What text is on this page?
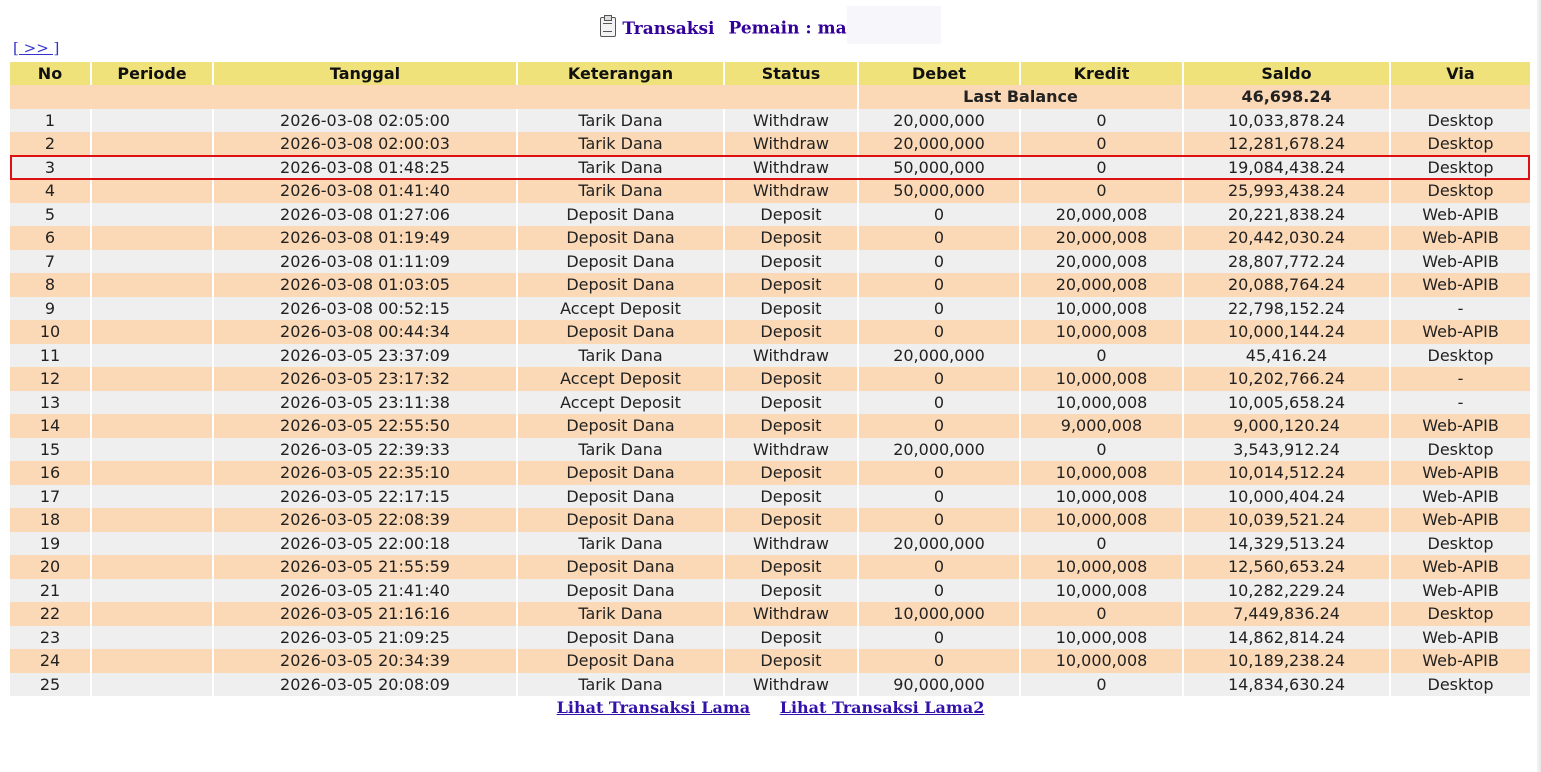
Transaksi Pemain : ma
[ >> ]
No	Periode	Tanggal	Keterangan	Status	Debet	Kredit	Saldo	Via
					Last Balance		46,698.24	
1		2026-03-08 02:05:00	Tarik Dana	Withdraw	20,000,000	0	10,033,878.24	Desktop
2		2026-03-08 02:00:03	Tarik Dana	Withdraw	20,000,000	0	12,281,678.24	Desktop
3		2026-03-08 01:48:25	Tarik Dana	Withdraw	50,000,000	0	19,084,438.24	Desktop
4		2026-03-08 01:41:40	Tarik Dana	Withdraw	50,000,000	0	25,993,438.24	Desktop
5		2026-03-08 01:27:06	Deposit Dana	Deposit	0	20,000,008	20,221,838.24	Web-APIB
6		2026-03-08 01:19:49	Deposit Dana	Deposit	0	20,000,008	20,442,030.24	Web-APIB
7		2026-03-08 01:11:09	Deposit Dana	Deposit	0	20,000,008	28,807,772.24	Web-APIB
8		2026-03-08 01:03:05	Deposit Dana	Deposit	0	20,000,008	20,088,764.24	Web-APIB
9		2026-03-08 00:52:15	Accept Deposit	Deposit	0	10,000,008	22,798,152.24	-
10		2026-03-08 00:44:34	Deposit Dana	Deposit	0	10,000,008	10,000,144.24	Web-APIB
11		2026-03-05 23:37:09	Tarik Dana	Withdraw	20,000,000	0	45,416.24	Desktop
12		2026-03-05 23:17:32	Accept Deposit	Deposit	0	10,000,008	10,202,766.24	-
13		2026-03-05 23:11:38	Accept Deposit	Deposit	0	10,000,008	10,005,658.24	-
14		2026-03-05 22:55:50	Deposit Dana	Deposit	0	9,000,008	9,000,120.24	Web-APIB
15		2026-03-05 22:39:33	Tarik Dana	Withdraw	20,000,000	0	3,543,912.24	Desktop
16		2026-03-05 22:35:10	Deposit Dana	Deposit	0	10,000,008	10,014,512.24	Web-APIB
17		2026-03-05 22:17:15	Deposit Dana	Deposit	0	10,000,008	10,000,404.24	Web-APIB
18		2026-03-05 22:08:39	Deposit Dana	Deposit	0	10,000,008	10,039,521.24	Web-APIB
19		2026-03-05 22:00:18	Tarik Dana	Withdraw	20,000,000	0	14,329,513.24	Desktop
20		2026-03-05 21:55:59	Deposit Dana	Deposit	0	10,000,008	12,560,653.24	Web-APIB
21		2026-03-05 21:41:40	Deposit Dana	Deposit	0	10,000,008	10,282,229.24	Web-APIB
22		2026-03-05 21:16:16	Tarik Dana	Withdraw	10,000,000	0	7,449,836.24	Desktop
23		2026-03-05 21:09:25	Deposit Dana	Deposit	0	10,000,008	14,862,814.24	Web-APIB
24		2026-03-05 20:34:39	Deposit Dana	Deposit	0	10,000,008	10,189,238.24	Web-APIB
25		2026-03-05 20:08:09	Tarik Dana	Withdraw	90,000,000	0	14,834,630.24	Desktop
Lihat Transaksi Lama Lihat Transaksi Lama2
